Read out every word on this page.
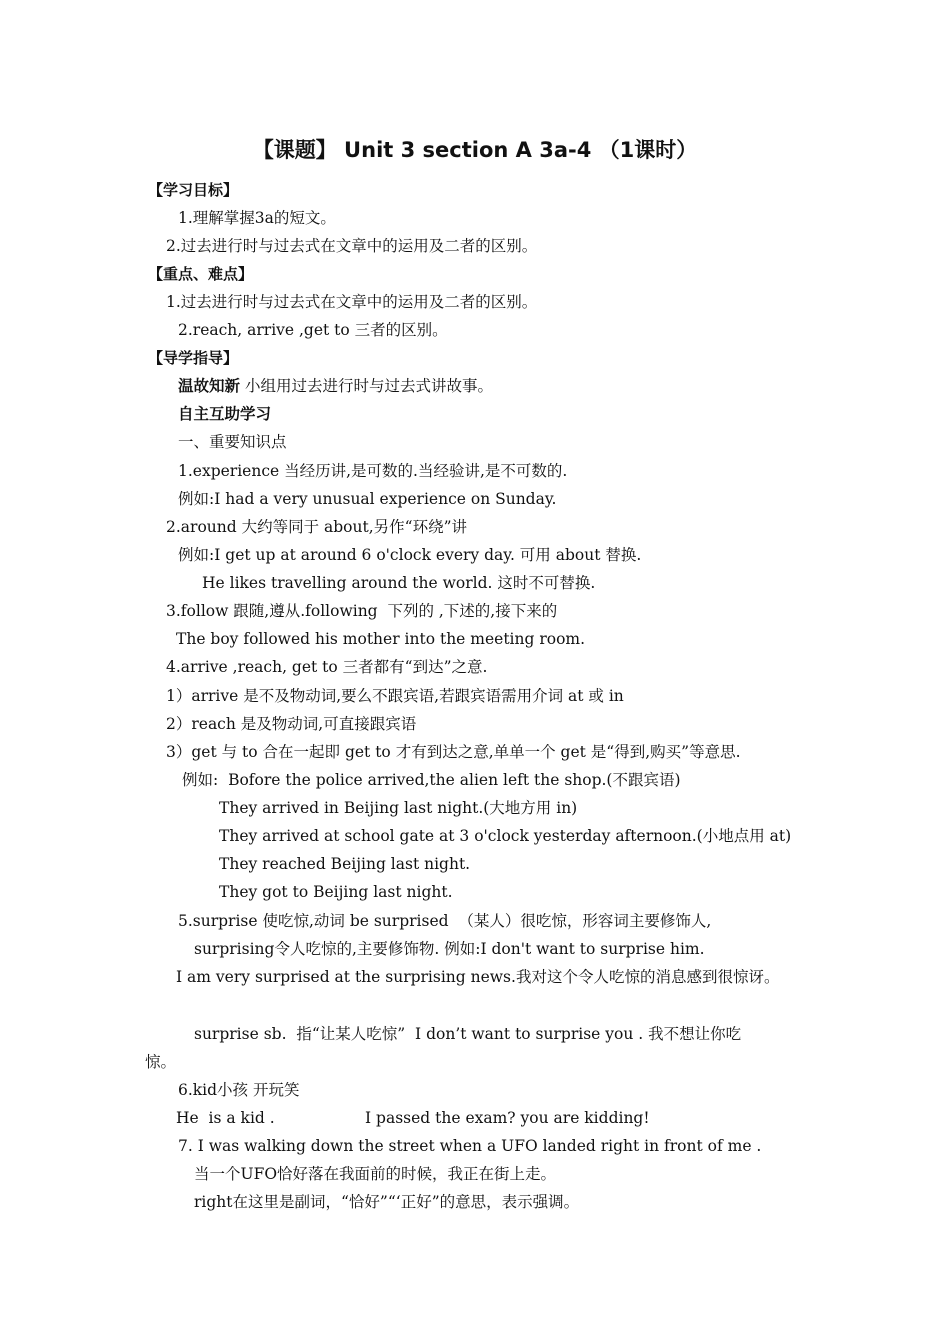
【课题】 Unit 3 section A 3a-4 （1课时）
【学习目标】
1.理解掌握3a的短文。
2.过去进行时与过去式在文章中的运用及二者的区别。
【重点、难点】
1.过去进行时与过去式在文章中的运用及二者的区别。
2.reach, arrive ,get to 三者的区别。
【导学指导】
温故知新 小组用过去进行时与过去式讲故事。
自主互助学习
一、重要知识点
1.experience 当经历讲,是可数的.当经验讲,是不可数的.
例如:I had a very unusual experience on Sunday.
2.around 大约等同于 about,另作“环绕”讲
例如:I get up at around 6 o'clock every day. 可用 about 替换.
He likes travelling around the world. 这时不可替换.
3.follow 跟随,遵从.following  下列的 ,下述的,接下来的
The boy followed his mother into the meeting room.
4.arrive ,reach, get to 三者都有“到达”之意.
1）arrive 是不及物动词,要么不跟宾语,若跟宾语需用介词 at 或 in
2）reach 是及物动词,可直接跟宾语
3）get 与 to 合在一起即 get to 才有到达之意,单单一个 get 是“得到,购买”等意思.
例如:  Bofore the police arrived,the alien left the shop.(不跟宾语)
They arrived in Beijing last night.(大地方用 in)
They arrived at school gate at 3 o'clock yesterday afternoon.(小地点用 at)
They reached Beijing last night.
They got to Beijing last night.
5.surprise 使吃惊,动词 be surprised  （某人）很吃惊，形容词主要修饰人,
surprising令人吃惊的,主要修饰物. 例如:I don't want to surprise him.
I am very surprised at the surprising news.我对这个令人吃惊的消息感到很惊讶。
surprise sb.  指“让某人吃惊”  I don’t want to surprise you . 我不想让你吃
惊。
6.kid小孩 开玩笑
He  is a kid .	I passed the exam? you are kidding!
7. I was walking down the street when a UFO landed right in front of me .
当一个UFO恰好落在我面前的时候，我正在街上走。
right在这里是副词，“恰好”“‘正好”的意思，表示强调。
